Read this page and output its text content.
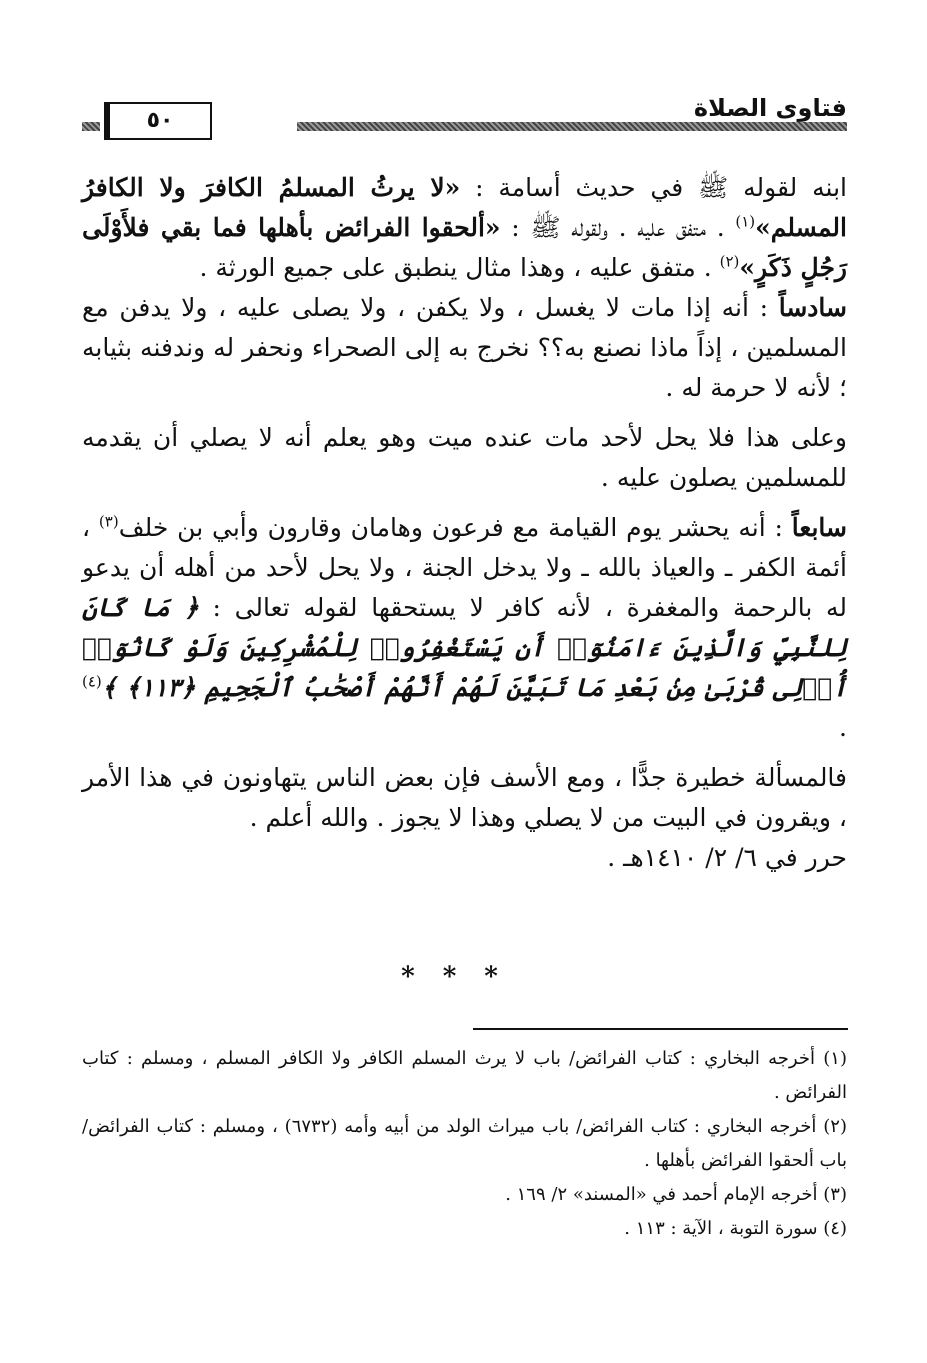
فتاوى الصلاة
٥٠

ابنه لقوله ﷺ في حديث أسامة : «لا يرثُ المسلمُ الكافرَ ولا الكافرُ المسلم»$^{(١)}$ . متفق عليه . ولقوله ﷺ : «ألحقوا الفرائض بأهلها فما بقي فلأَوْلَى رَجُلٍ ذَكَرٍ»$^{(٢)}$ . متفق عليه ، وهذا مثال ينطبق على جميع الورثة .

سادساً : أنه إذا مات لا يغسل ، ولا يكفن ، ولا يصلى عليه ، ولا يدفن مع المسلمين ، إذاً ماذا نصنع به؟؟ نخرج به إلى الصحراء ونحفر له وندفنه بثيابه ؛ لأنه لا حرمة له .

وعلى هذا فلا يحل لأحد مات عنده ميت وهو يعلم أنه لا يصلي أن يقدمه للمسلمين يصلون عليه .

سابعاً : أنه يحشر يوم القيامة مع فرعون وهامان وقارون وأبي بن خلف$^{(٣)}$ ، أئمة الكفر ـ والعياذ بالله ـ ولا يدخل الجنة ، ولا يحل لأحد من أهله أن يدعو له بالرحمة والمغفرة ، لأنه كافر لا يستحقها لقوله تعالى : ﴿ مَا كَانَ لِلنَّبِيِّ وَالَّذِينَ ءَامَنُوٓا۟ أَن يَسْتَغْفِرُوا۟ لِلْمُشْرِكِينَ وَلَوْ كَانُوٓا۟ أُو۟لِى قُرْبَىٰ مِنۢ بَعْدِ مَا تَبَيَّنَ لَهُمْ أَنَّهُمْ أَصْحَٰبُ ٱلْجَحِيمِ ﴿١١٣﴾ ﴾$^{(٤)}$ .

فالمسألة خطيرة جدًّا ، ومع الأسف فإن بعض الناس يتهاونون في هذا الأمر ، ويقرون في البيت من لا يصلي وهذا لا يجوز . والله أعلم .

حرر في ٦/ ٢/ ١٤١٠هـ .

***

(١) أخرجه البخاري : كتاب الفرائض/ باب لا يرث المسلم الكافر ولا الكافر المسلم ، ومسلم : كتاب الفرائض .

(٢) أخرجه البخاري : كتاب الفرائض/ باب ميراث الولد من أبيه وأمه (٦٧٣٢) ، ومسلم : كتاب الفرائض/ باب ألحقوا الفرائض بأهلها .

(٣) أخرجه الإمام أحمد في «المسند» ٢/ ١٦٩ .

(٤) سورة التوبة ، الآية : ١١٣ .
